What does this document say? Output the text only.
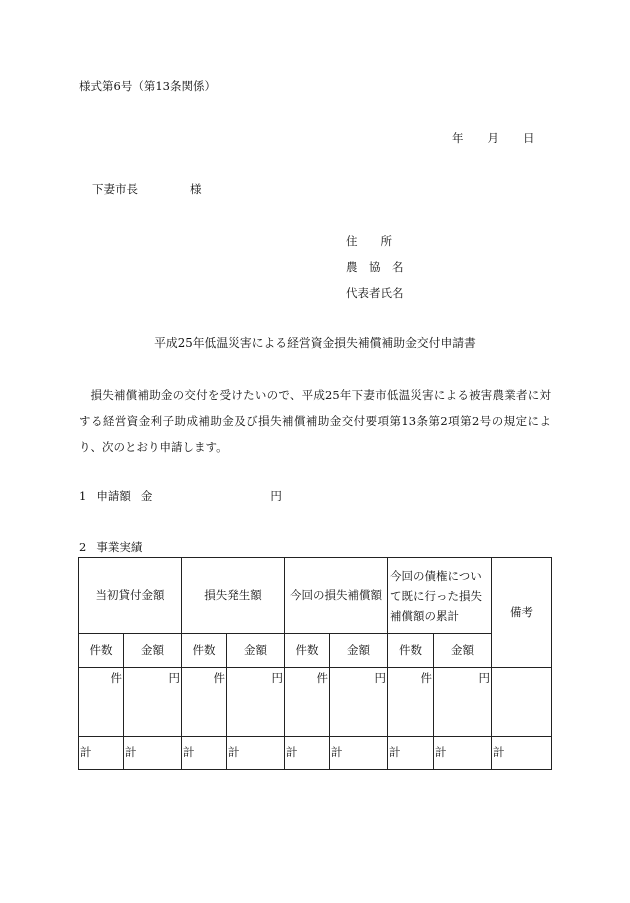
様式第6号（第13条関係）
年 月 日
下妻市長	様
住　　所
農　協　名
代表者氏名
平成25年低温災害による経営資金損失補償補助金交付申請書
損失補償補助金の交付を受けたいので、平成25年下妻市低温災害による被害農業者に対する経営資金利子助成補助金及び損失補償補助金交付要項第13条第2項第2号の規定により、次のとおり申請します。
1 申請額 金	円
2 事業実績
当初貸付金額		損失発生額		今回の損失補償額		今回の債権について既に行った損失補償額の累計		備考
件数	金額	件数	金額	件数	金額	件数	金額	
件	円	件	円	件	円	件	円	
計	計	計	計	計	計	計	計	計
